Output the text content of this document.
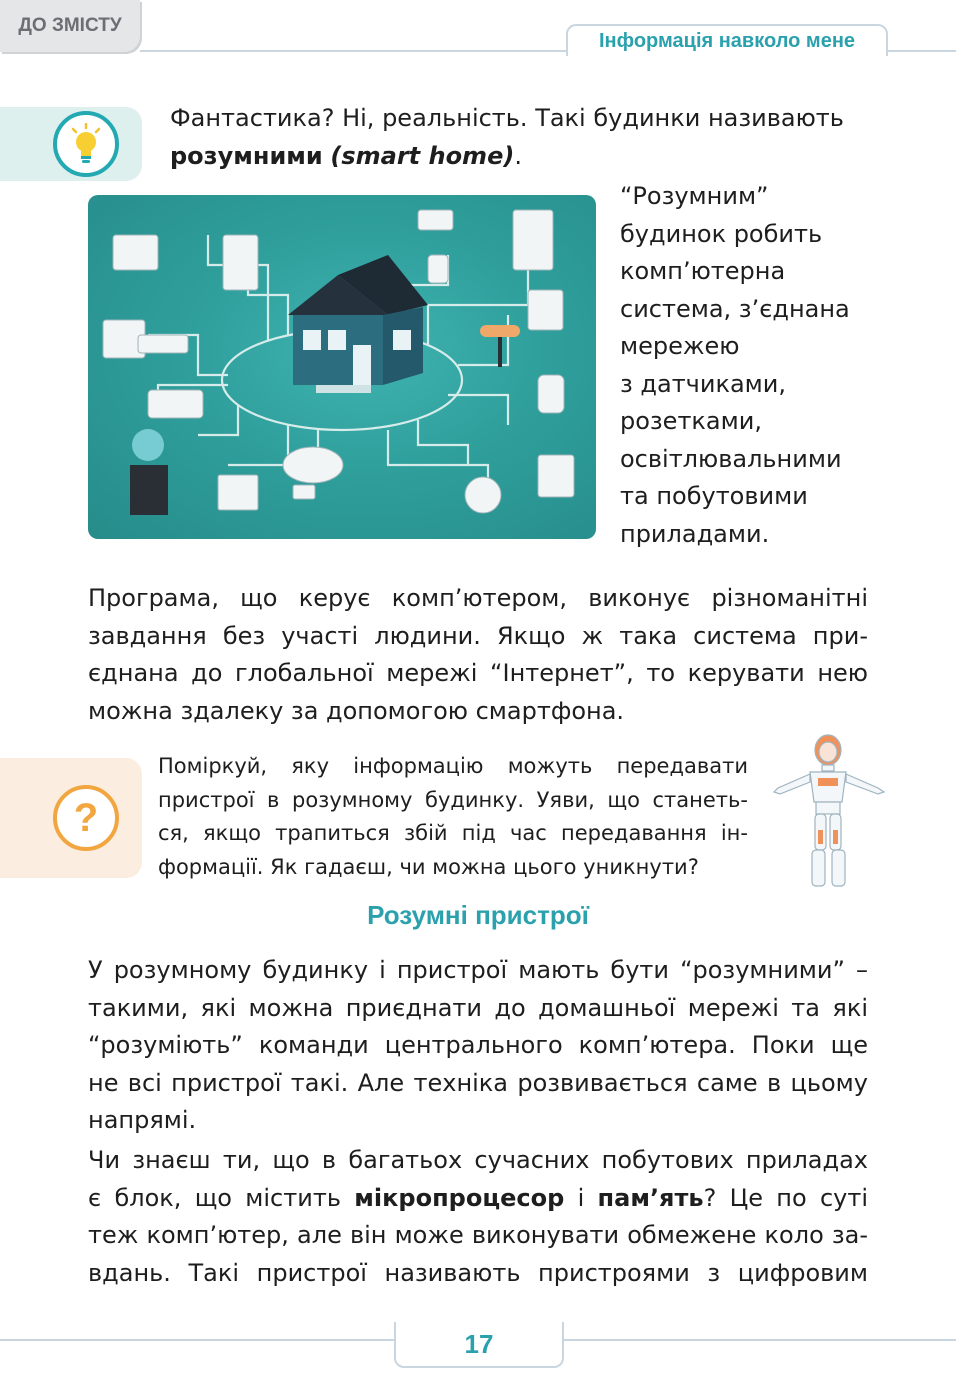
ДО ЗМІСТУ
Інформація навколо мене
Фантастика? Ні, реальність. Такі будинки називають
розумними (smart home).
“Розумним”
будинок робить
комп’ютерна
система, з’єднана
мережею
з датчиками,
розетками,
освітлювальними
та побутовими
приладами.
Програма, що керує комп’ютером, виконує різноманітні
завдання без участі людини. Якщо ж така система при-
єднана до глобальної мережі “Інтернет”, то керувати нею
можна здалеку за допомогою смартфона.
?
Поміркуй, яку інформацію можуть передавати
пристрої в розумному будинку. Уяви, що станеть-
ся, якщо трапиться збій під час передавання ін-
формації. Як гадаєш, чи можна цього уникнути?
Розумні пристрої
У розумному будинку і пристрої мають бути “розумними” –
такими, які можна приєднати до домашньої мережі та які
“розуміють” команди центрального комп’ютера. Поки ще
не всі пристрої такі. Але техніка розвивається саме в цьому
напрямі.
Чи знаєш ти, що в багатьох сучасних побутових приладах
є блок, що містить мікропроцесор і пам’ять? Це по суті
теж комп’ютер, але він може виконувати обмежене коло за-
вдань. Такі пристрої називають пристроями з цифровим
17
